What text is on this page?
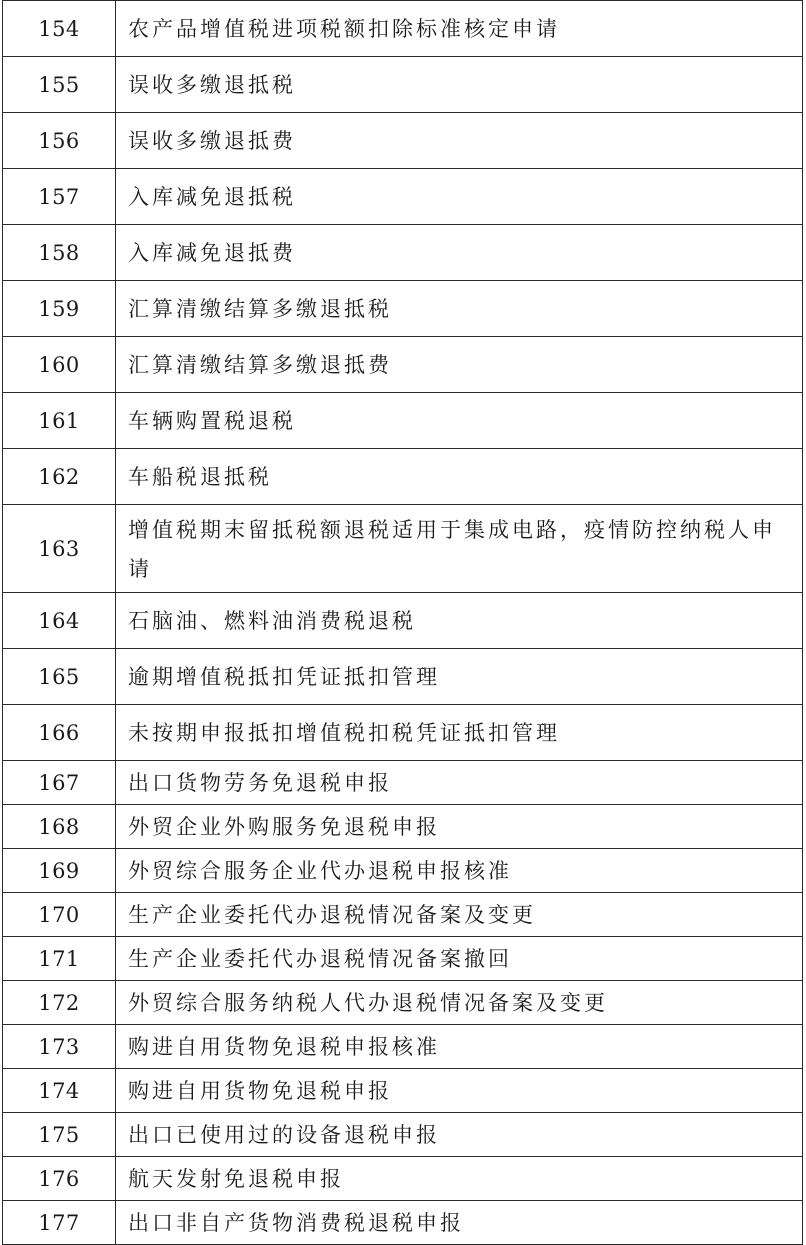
154	农产品增值税进项税额扣除标准核定申请
155	误收多缴退抵税
156	误收多缴退抵费
157	入库减免退抵税
158	入库减免退抵费
159	汇算清缴结算多缴退抵税
160	汇算清缴结算多缴退抵费
161	车辆购置税退税
162	车船税退抵税
163	增值税期末留抵税额退税适用于集成电路，疫情防控纳税人申请
164	石脑油、燃料油消费税退税
165	逾期增值税抵扣凭证抵扣管理
166	未按期申报抵扣增值税扣税凭证抵扣管理
167	出口货物劳务免退税申报
168	外贸企业外购服务免退税申报
169	外贸综合服务企业代办退税申报核准
170	生产企业委托代办退税情况备案及变更
171	生产企业委托代办退税情况备案撤回
172	外贸综合服务纳税人代办退税情况备案及变更
173	购进自用货物免退税申报核准
174	购进自用货物免退税申报
175	出口已使用过的设备退税申报
176	航天发射免退税申报
177	出口非自产货物消费税退税申报
